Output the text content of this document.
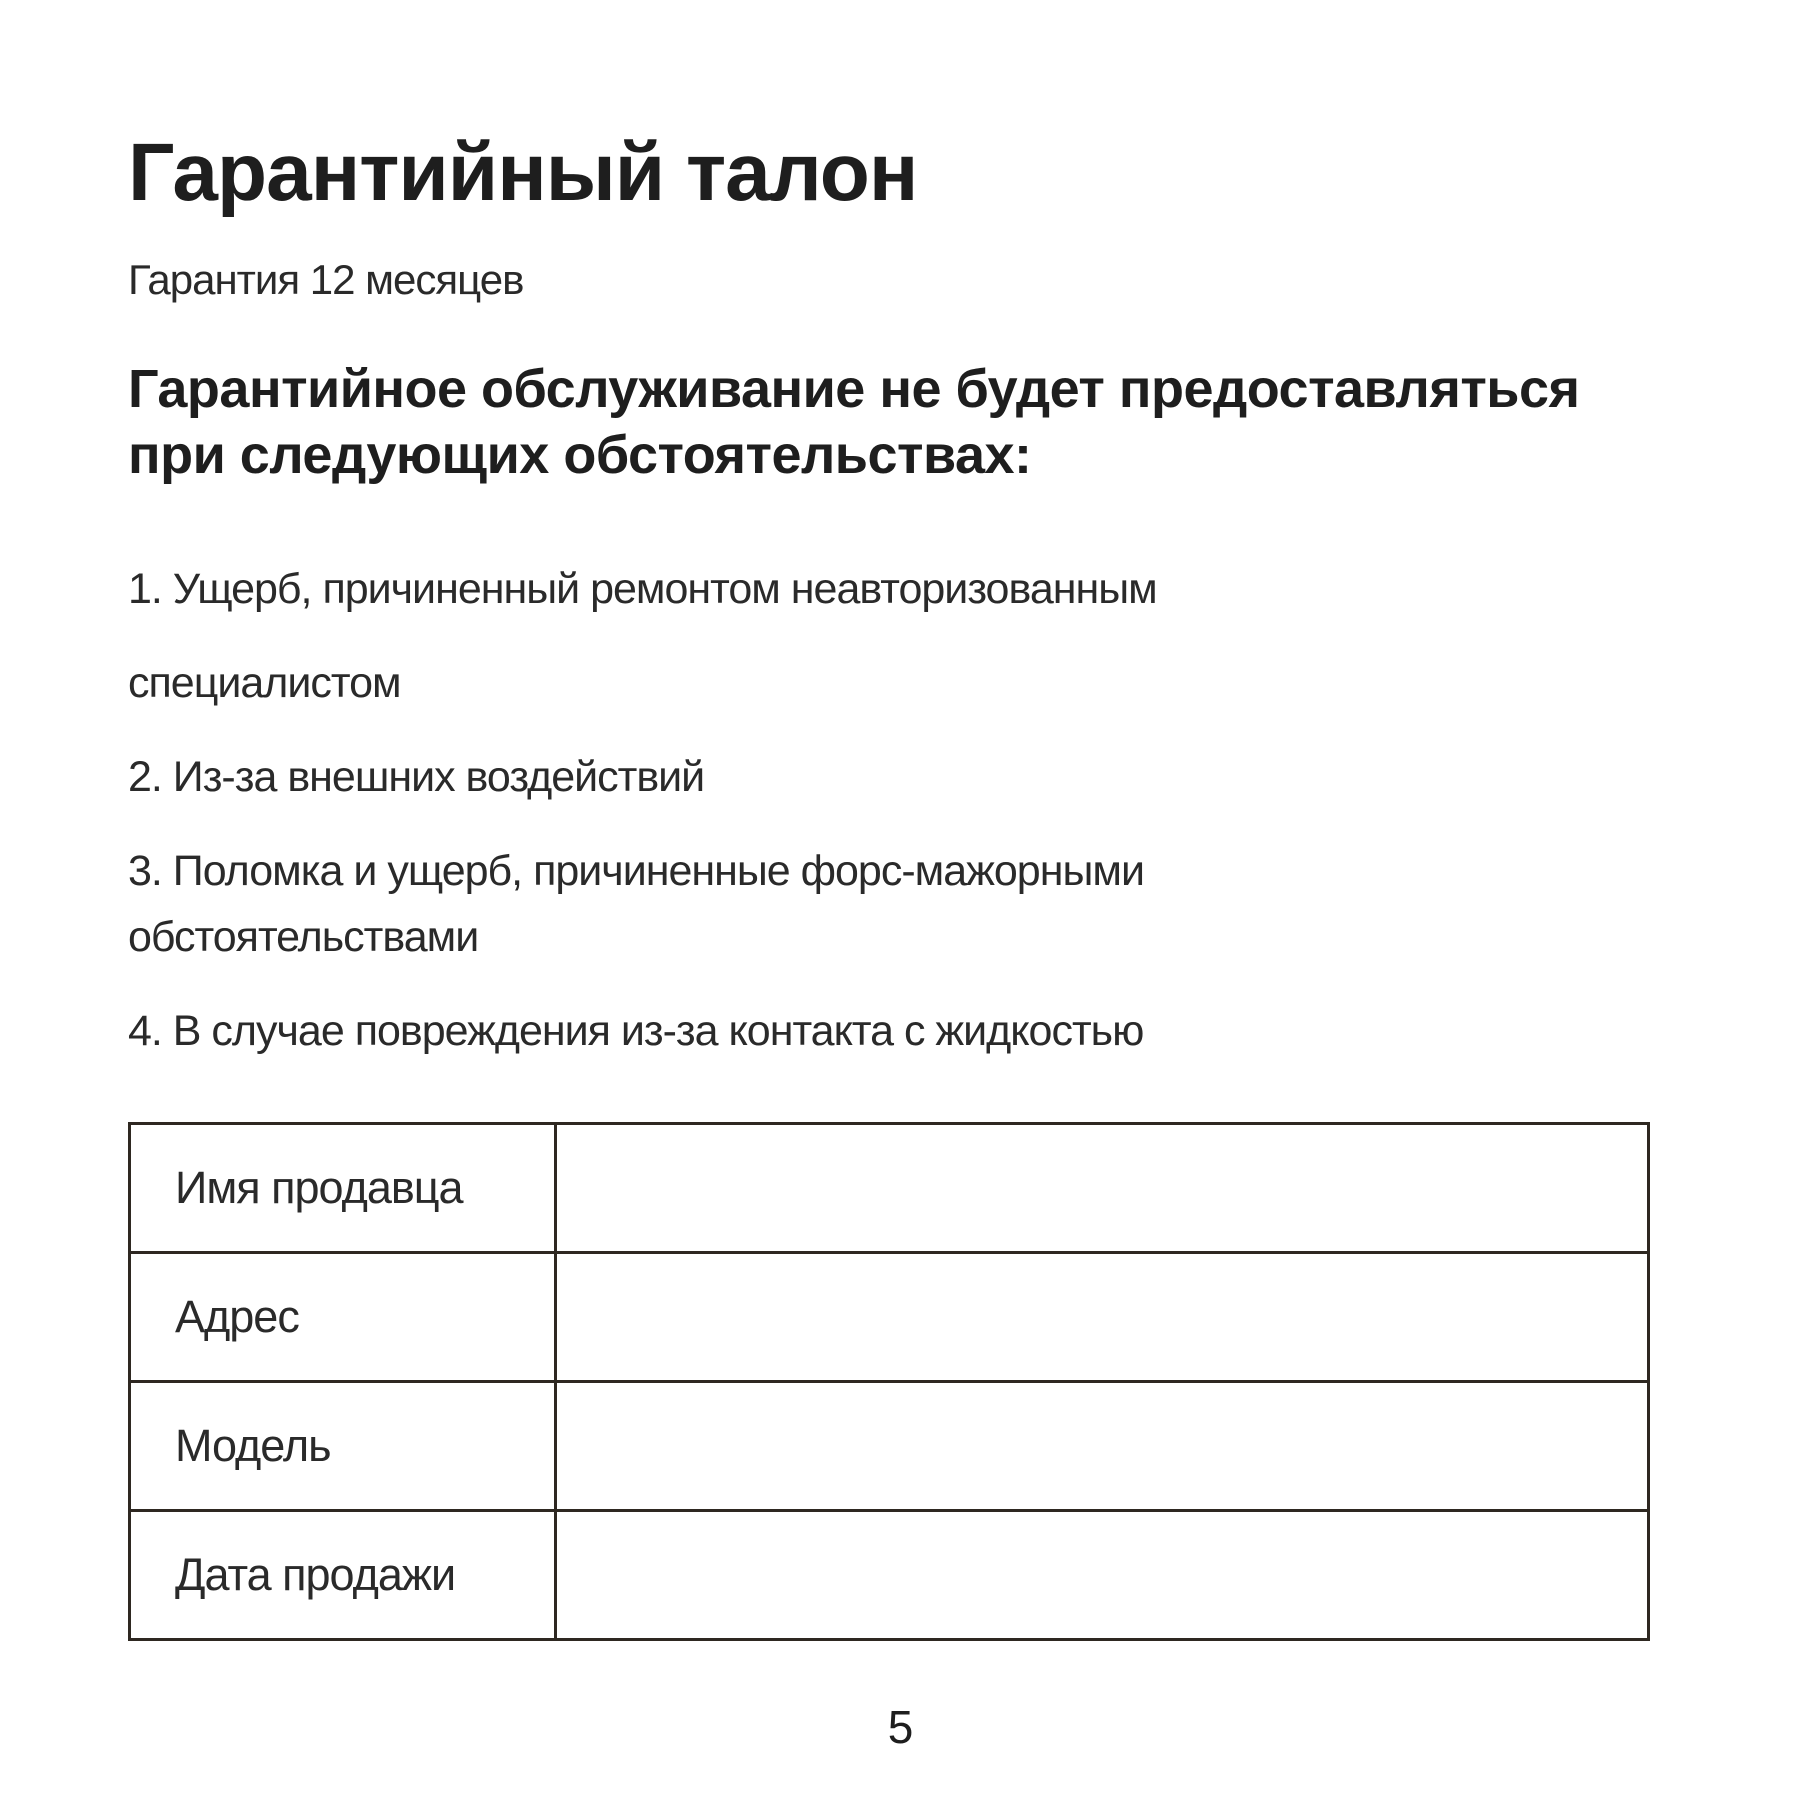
Гарантийный талон

Гарантия 12 месяцев

Гарантийное обслуживание не будет предоставляться
при следующих обстоятельствах:

1. Ущерб, причиненный ремонтом неавторизованным

специалистом

2. Из-за внешних воздействий

3. Поломка и ущерб, причиненные форс-мажорными

обстоятельствами

4. В случае повреждения из-за контакта с жидкостью

Имя продавца
Адрес
Модель
Дата продажи

5
